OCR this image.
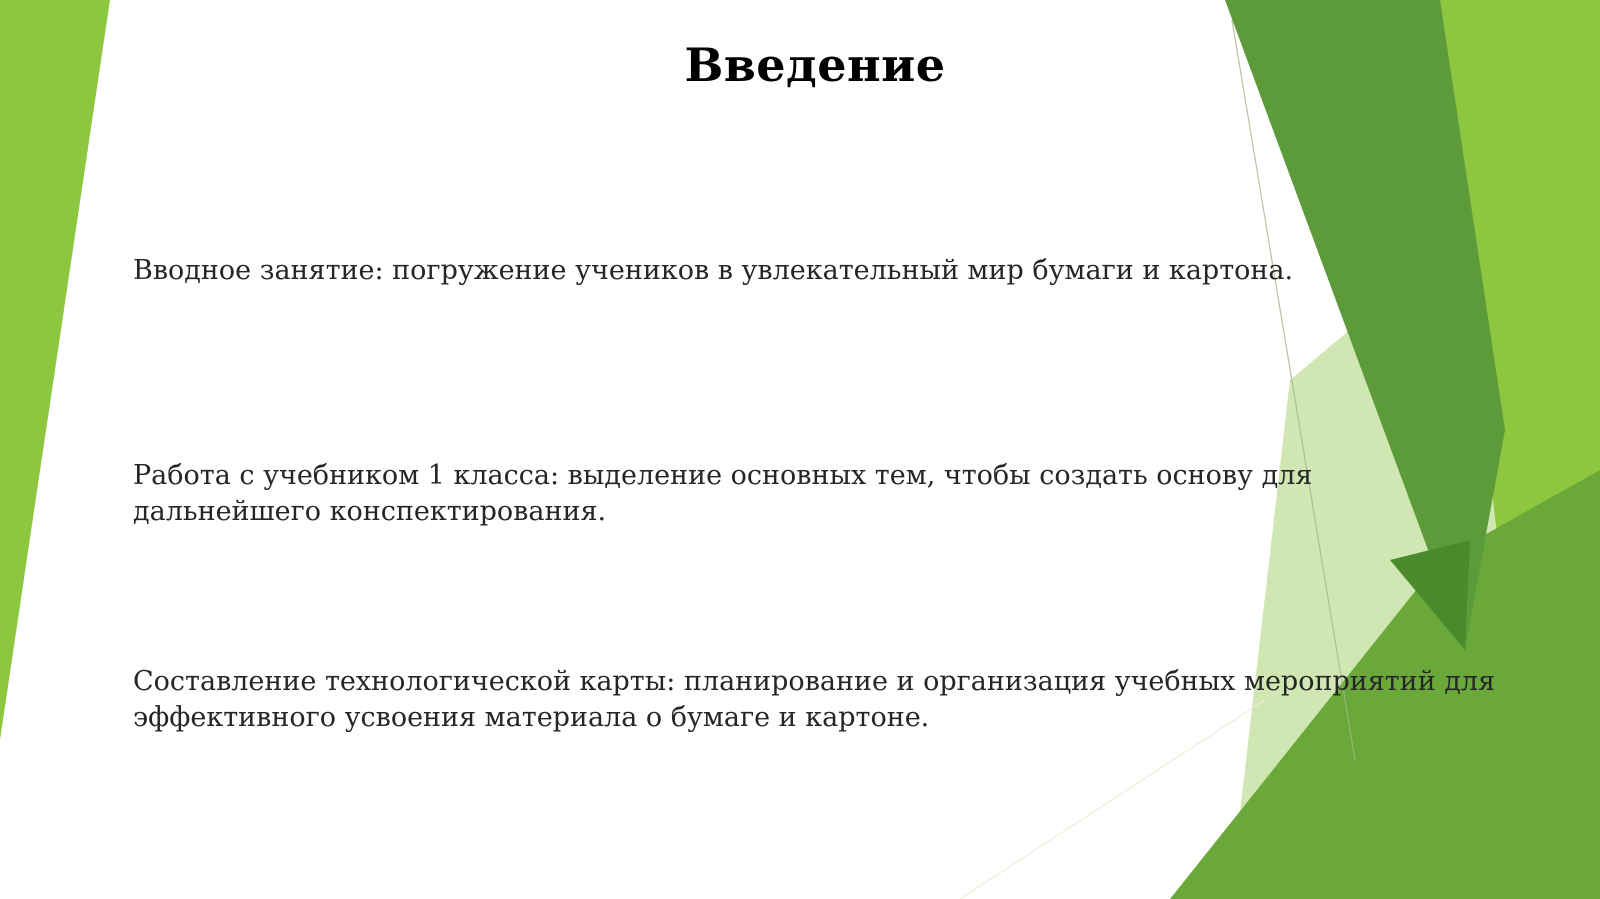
Введение
Вводное занятие: погружение учеников в увлекательный мир бумаги и картона.
Работа с учебником 1 класса: выделение основных тем, чтобы создать основу для дальнейшего конспектирования.
Составление технологической карты: планирование и организация учебных мероприятий для эффективного усвоения материала о бумаге и картоне.
